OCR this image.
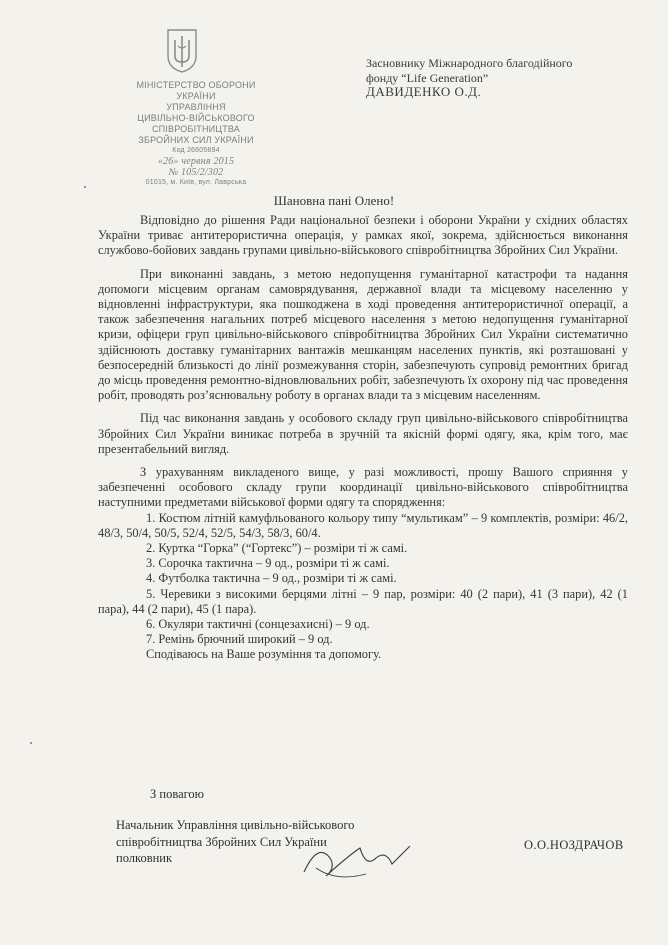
МІНІСТЕРСТВО ОБОРОНИ
УКРАЇНИ
УПРАВЛІННЯ
ЦИВІЛЬНО-ВІЙСЬКОВОГО
СПІВРОБІТНИЦТВА
ЗБРОЙНИХ СИЛ УКРАЇНИ
Код 26605894
«26» червня 2015
№ 105/2/302
01015, м. Київ, вул. Лаврська
Засновнику Міжнародного благодійного
фонду “Life Generation”
ДАВИДЕНКО О.Д.
Шановна пані Олено!

Відповідно до рішення Ради національної безпеки і оборони України у східних областях України триває антитерористична операція, у рамках якої, зокрема, здійснюється виконання службово-бойових завдань групами цивільно-військового співробітництва Збройних Сил України.

При виконанні завдань, з метою недопущення гуманітарної катастрофи та надання допомоги місцевим органам самоврядування, державної влади та місцевому населенню у відновленні інфраструктури, яка пошкоджена в ході проведення антитерористичної операції, а також забезпечення нагальних потреб місцевого населення з метою недопущення гуманітарної кризи, офіцери груп цивільно-військового співробітництва Збройних Сил України систематично здійснюють доставку гуманітарних вантажів мешканцям населених пунктів, які розташовані у безпосередній близькості до лінії розмежування сторін, забезпечують супровід ремонтних бригад до місць проведення ремонтно-відновлювальних робіт, забезпечують їх охорону під час проведення робіт, проводять роз’яснювальну роботу в органах влади та з місцевим населенням.

Під час виконання завдань у особового складу груп цивільно-військового співробітництва Збройних Сил України виникає потреба в зручній та якісній формі одягу, яка, крім того, має презентабельний вигляд.

З урахуванням викладеного вище, у разі можливості, прошу Вашого сприяння у забезпеченні особового складу групи координації цивільно-військового співробітництва наступними предметами військової форми одягу та спорядження:

1. Костюм літній камуфльованого кольору типу “мультикам” – 9 комплектів, розміри: 46/2, 48/3, 50/4, 50/5, 52/4, 52/5, 54/3, 58/3, 60/4.
2. Куртка “Горка” (“Гортекс”) – розміри ті ж самі.
3. Сорочка тактична – 9 од., розміри ті ж самі.
4. Футболка тактична – 9 од., розміри ті ж самі.
5. Черевики з високими берцями літні – 9 пар, розміри: 40 (2 пари), 41 (3 пари), 42 (1 пара), 44 (2 пари), 45 (1 пара).
6. Окуляри тактичні (сонцезахисні) – 9 од.
7. Ремінь брючний широкий – 9 од.
Сподіваюсь на Ваше розуміння та допомогу.
З повагою
Начальник Управління цивільно-військового
співробітництва Збройних Сил України
полковник
О.О.НОЗДРАЧОВ
